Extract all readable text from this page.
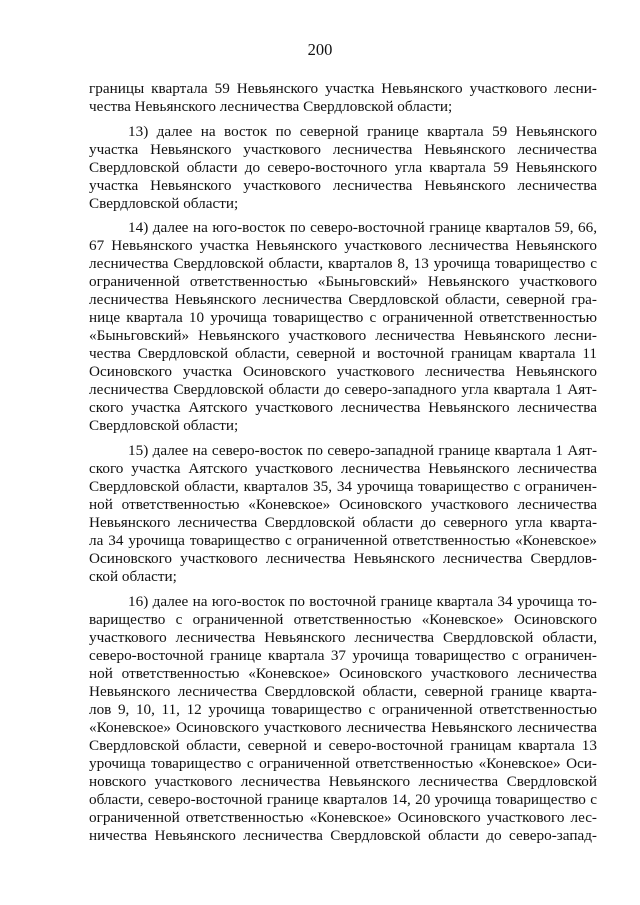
200
границы квартала 59 Невьянского участка Невьянского участкового лесни-
чества Невьянского лесничества Свердловской области;
13) далее на восток по северной границе квартала 59 Невьянского
участка Невьянского участкового лесничества Невьянского лесничества
Свердловской области до северо-восточного угла квартала 59 Невьянского
участка Невьянского участкового лесничества Невьянского лесничества
Свердловской области;
14) далее на юго-восток по северо-восточной границе кварталов 59, 66,
67 Невьянского участка Невьянского участкового лесничества Невьянского
лесничества Свердловской области, кварталов 8, 13 урочища товарищество с
ограниченной ответственностью «Быньговский» Невьянского участкового
лесничества Невьянского лесничества Свердловской области, северной гра-
нице квартала 10 урочища товарищество с ограниченной ответственностью
«Быньговский» Невьянского участкового лесничества Невьянского лесни-
чества Свердловской области, северной и восточной границам квартала 11
Осиновского участка Осиновского участкового лесничества Невьянского
лесничества Свердловской области до северо-западного угла квартала 1 Аят-
ского участка Аятского участкового лесничества Невьянского лесничества
Свердловской области;
15) далее на северо-восток по северо-западной границе квартала 1 Аят-
ского участка Аятского участкового лесничества Невьянского лесничества
Свердловской области, кварталов 35, 34 урочища товарищество с ограничен-
ной ответственностью «Коневское» Осиновского участкового лесничества
Невьянского лесничества Свердловской области до северного угла кварта-
ла 34 урочища товарищество с ограниченной ответственностью «Коневское»
Осиновского участкового лесничества Невьянского лесничества Свердлов-
ской области;
16) далее на юго-восток по восточной границе квартала 34 урочища то-
варищество с ограниченной ответственностью «Коневское» Осиновского
участкового лесничества Невьянского лесничества Свердловской области,
северо-восточной границе квартала 37 урочища товарищество с ограничен-
ной ответственностью «Коневское» Осиновского участкового лесничества
Невьянского лесничества Свердловской области, северной границе кварта-
лов 9, 10, 11, 12 урочища товарищество с ограниченной ответственностью
«Коневское» Осиновского участкового лесничества Невьянского лесничества
Свердловской области, северной и северо-восточной границам квартала 13
урочища товарищество с ограниченной ответственностью «Коневское» Оси-
новского участкового лесничества Невьянского лесничества Свердловской
области, северо-восточной границе кварталов 14, 20 урочища товарищество с
ограниченной ответственностью «Коневское» Осиновского участкового лес-
ничества Невьянского лесничества Свердловской области до северо-запад-
